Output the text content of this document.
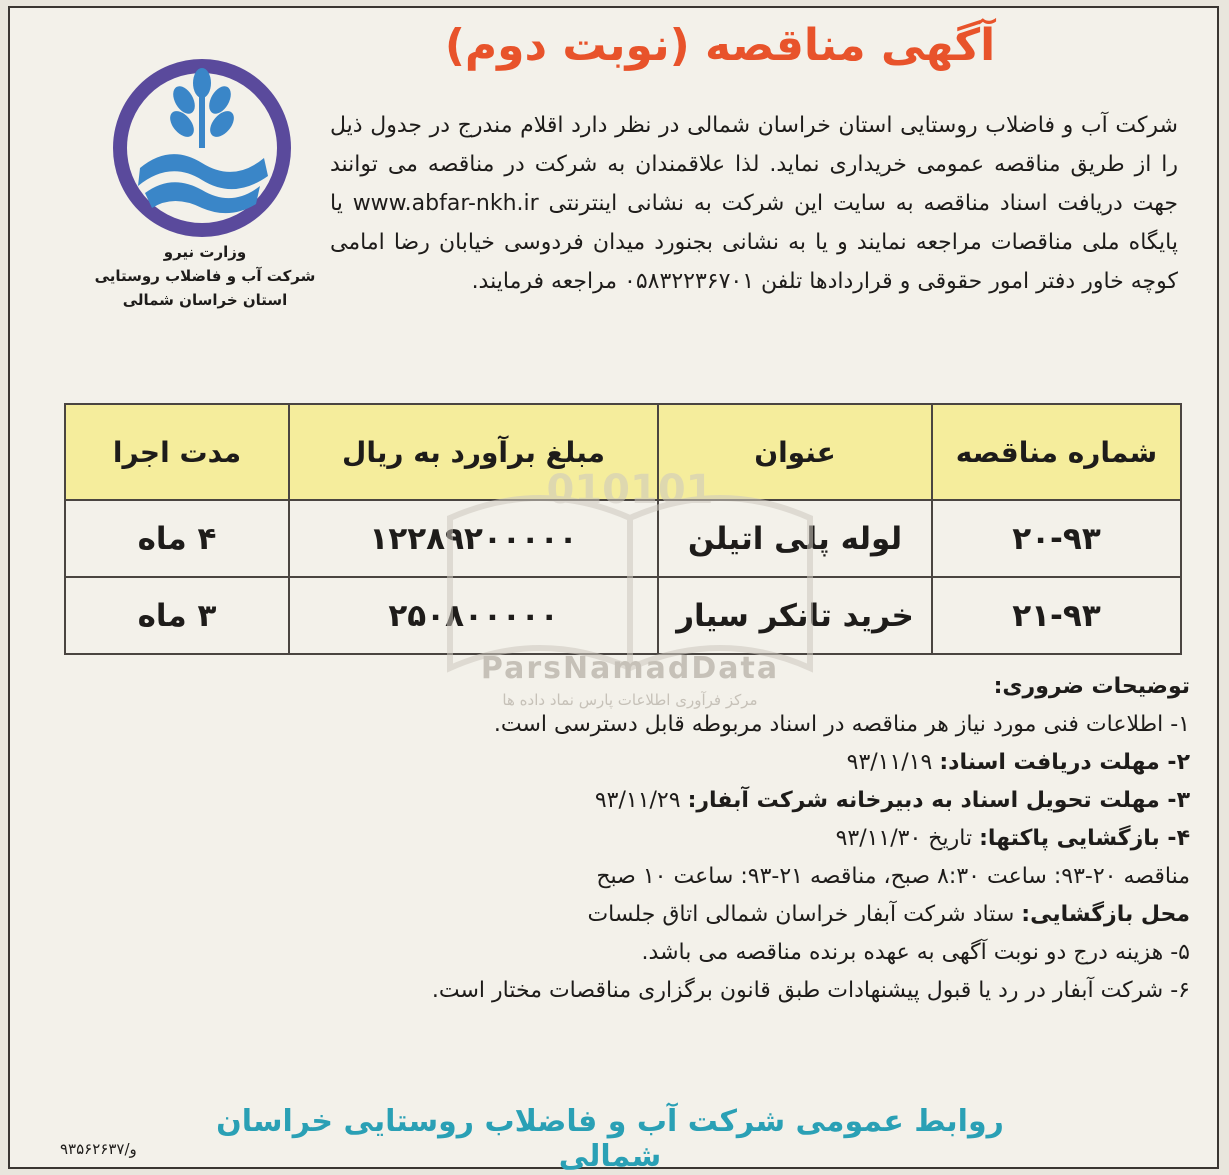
آگهی مناقصه (نوبت دوم)
وزارت نیرو
شرکت آب و فاضلاب روستایی
استان خراسان شمالی

شرکت آب و فاضلاب روستایی استان خراسان شمالی در نظر دارد اقلام مندرج در جدول ذیل را از طریق مناقصه عمومی خریداری نماید. لذا علاقمندان به شرکت در مناقصه می توانند جهت دریافت اسناد مناقصه به سایت این شرکت به نشانی اینترنتی www.abfar-nkh.ir یا پایگاه ملی مناقصات مراجعه نمایند و یا به نشانی بجنورد میدان فردوسی خیابان رضا امامی کوچه خاور دفتر امور حقوقی و قراردادها تلفن ۰۵۸۳۲۲۳۶۷۰۱ مراجعه فرمایند.

شماره مناقصه	عنوان	مبلغ برآورد به ریال	مدت اجرا
۲۰-۹۳	لوله پلی اتیلن	۱۲۲۸۹۲۰۰۰۰۰	۴ ماه
۲۱-۹۳	خرید تانکر سیار	۲۵۰۸۰۰۰۰۰	۳ ماه
010101
ParsNamadData
مرکز فرآوری اطلاعات پارس نماد داده ها
توضیحات ضروری:
۱- اطلاعات فنی مورد نیاز هر مناقصه در اسناد مربوطه قابل دسترسی است.
۲- مهلت دریافت اسناد: ۹۳/۱۱/۱۹
۳- مهلت تحویل اسناد به دبیرخانه شرکت آبفار: ۹۳/۱۱/۲۹
۴- بازگشایی پاکتها: تاریخ ۹۳/۱۱/۳۰
مناقصه ۲۰-۹۳: ساعت ۸:۳۰ صبح، مناقصه ۲۱-۹۳: ساعت ۱۰ صبح
محل بازگشایی: ستاد شرکت آبفار خراسان شمالی اتاق جلسات
۵- هزینه درج دو نوبت آگهی به عهده برنده مناقصه می باشد.
۶- شرکت آبفار در رد یا قبول پیشنهادات طبق قانون برگزاری مناقصات مختار است.
روابط عمومی شرکت آب و فاضلاب روستایی خراسان شمالی
و/۹۳۵۶۲۶۳۷
